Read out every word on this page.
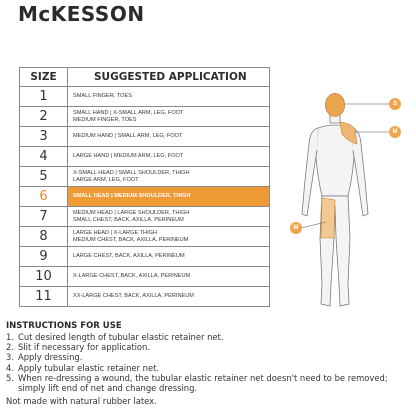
McKESSON
SIZE	SUGGESTED APPLICATION
1	SMALL FINGER, TOES
2	SMALL HAND | X-SMALL ARM, LEG, FOOT
MEDIUM FINGER, TOES
3	MEDIUM HAND | SMALL ARM, LEG, FOOT
4	LARGE HAND | MEDIUM ARM, LEG, FOOT
5	X-SMALL HEAD | SMALL SHOULDER, THIGH
LARGE ARM, LEG, FOOT
6	SMALL HEAD | MEDIUM SHOULDER, THIGH
7	MEDIUM HEAD | LARGE SHOULDER, THIGH
SMALL CHEST, BACK, AXILLA, PERINEUM
8	LARGE HEAD | X-LARGE THIGH
MEDIUM CHEST, BACK, AXILLA, PERINEUM
9	LARGE CHEST, BACK, AXILLA, PERINEUM
10	X-LARGE CHEST, BACK, AXILLA, PERINEUM
11	XX-LARGE CHEST, BACK, AXILLA, PERINEUM
S
M
M
INSTRUCTIONS FOR USE
1. Cut desired length of tubular elastic retainer net.
2. Slit if necessary for application.
3. Apply dressing.
4. Apply tubular elastic retainer net.
5. When re-dressing a wound, the tubular elastic retainer net doesn't need to be removed; simply lift end of net and change dressing.
Not made with natural rubber latex.
